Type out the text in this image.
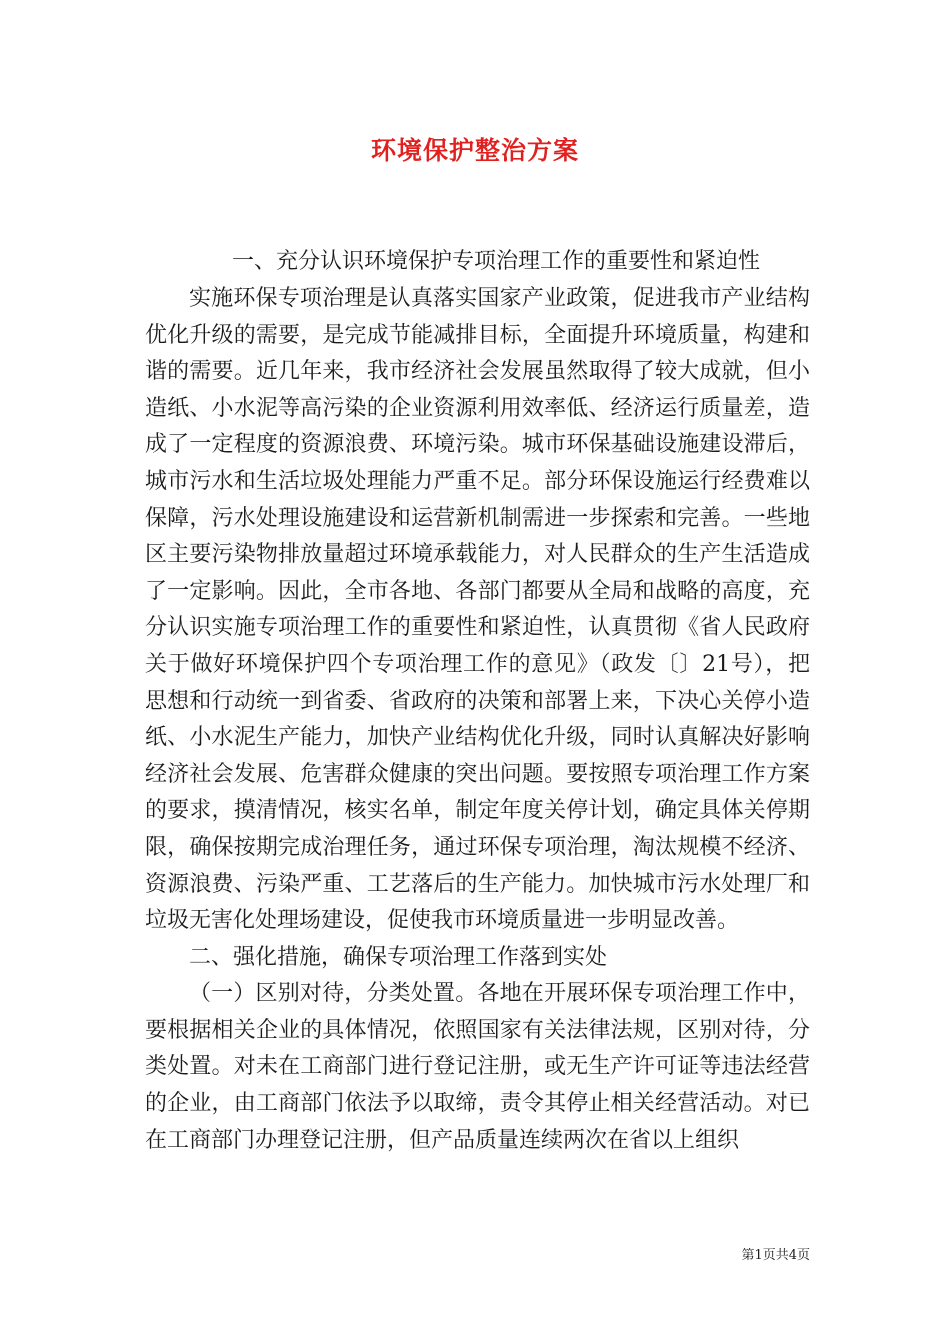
环境保护整治方案
一、充分认识环境保护专项治理工作的重要性和紧迫性

实施环保专项治理是认真落实国家产业政策，促进我市产业结构优化升级的需要，是完成节能减排目标，全面提升环境质量，构建和谐的需要。近几年来，我市经济社会发展虽然取得了较大成就，但小造纸、小水泥等高污染的企业资源利用效率低、经济运行质量差，造成了一定程度的资源浪费、环境污染。城市环保基础设施建设滞后，城市污水和生活垃圾处理能力严重不足。部分环保设施运行经费难以保障，污水处理设施建设和运营新机制需进一步探索和完善。一些地区主要污染物排放量超过环境承载能力，对人民群众的生产生活造成了一定影响。因此，全市各地、各部门都要从全局和战略的高度，充分认识实施专项治理工作的重要性和紧迫性，认真贯彻《省人民政府关于做好环境保护四个专项治理工作的意见》（政发〔〕21号），把思想和行动统一到省委、省政府的决策和部署上来，下决心关停小造纸、小水泥生产能力，加快产业结构优化升级，同时认真解决好影响经济社会发展、危害群众健康的突出问题。要按照专项治理工作方案的要求，摸清情况，核实名单，制定年度关停计划，确定具体关停期限，确保按期完成治理任务，通过环保专项治理，淘汰规模不经济、资源浪费、污染严重、工艺落后的生产能力。加快城市污水处理厂和垃圾无害化处理场建设，促使我市环境质量进一步明显改善。

二、强化措施，确保专项治理工作落到实处

（一）区别对待，分类处置。各地在开展环保专项治理工作中，要根据相关企业的具体情况，依照国家有关法律法规，区别对待，分类处置。对未在工商部门进行登记注册，或无生产许可证等违法经营的企业，由工商部门依法予以取缔，责令其停止相关经营活动。对已在工商部门办理登记注册，但产品质量连续两次在省以上组织

第1页共4页
